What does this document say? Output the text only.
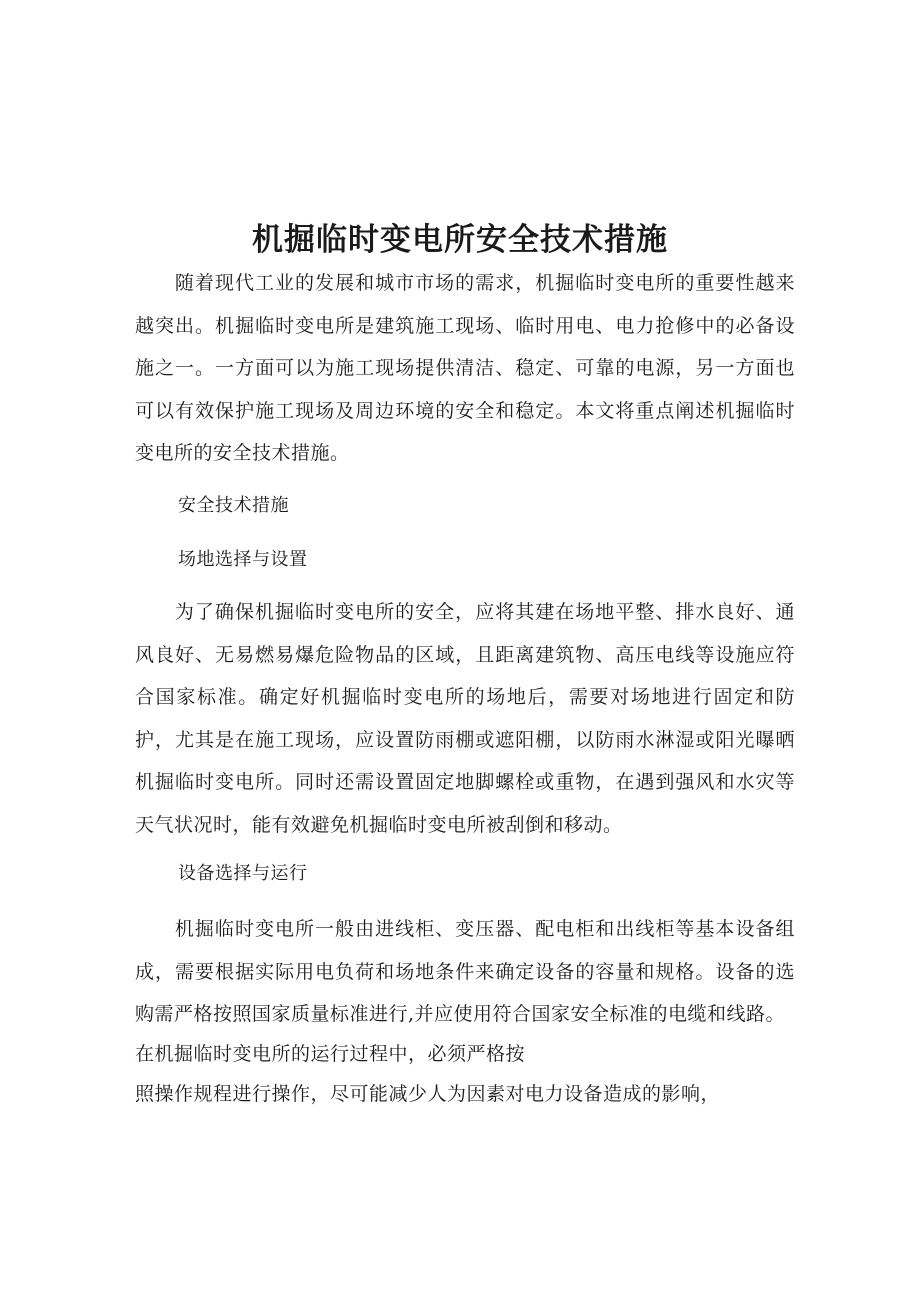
机掘临时变电所安全技术措施

随着现代工业的发展和城市市场的需求，机掘临时变电所的重要性越来越突出。机掘临时变电所是建筑施工现场、临时用电、电力抢修中的必备设施之一。一方面可以为施工现场提供清洁、稳定、可靠的电源，另一方面也可以有效保护施工现场及周边环境的安全和稳定。本文将重点阐述机掘临时变电所的安全技术措施。

安全技术措施

场地选择与设置

为了确保机掘临时变电所的安全，应将其建在场地平整、排水良好、通风良好、无易燃易爆危险物品的区域，且距离建筑物、高压电线等设施应符合国家标准。确定好机掘临时变电所的场地后，需要对场地进行固定和防护，尤其是在施工现场，应设置防雨棚或遮阳棚，以防雨水淋湿或阳光曝晒机掘临时变电所。同时还需设置固定地脚螺栓或重物，在遇到强风和水灾等天气状况时，能有效避免机掘临时变电所被刮倒和移动。

设备选择与运行

机掘临时变电所一般由进线柜、变压器、配电柜和出线柜等基本设备组成，需要根据实际用电负荷和场地条件来确定设备的容量和规格。设备的选购需严格按照国家质量标准进行,并应使用符合国家安全标准的电缆和线路。

在机掘临时变电所的运行过程中，必须严格按

照操作规程进行操作，尽可能减少人为因素对电力设备造成的影响，
